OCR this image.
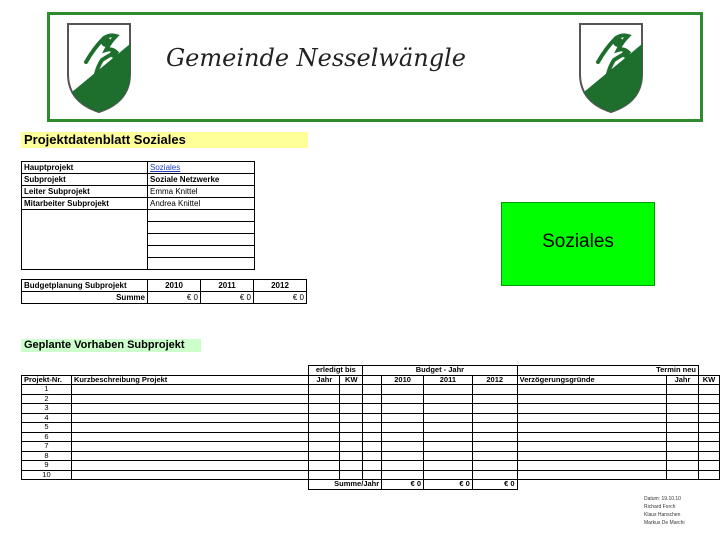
Gemeinde Nesselwängle
Projektdatenblatt Soziales
Hauptprojekt	Soziales
Subprojekt	Soziale Netzwerke
Leiter Subprojekt	Emma Knittel
Mitarbeiter Subprojekt	Andrea Knittel

Budgetplanung Subprojekt	2010	2011	2012
Summe	€ 0	€ 0	€ 0
Soziales
Geplante Vorhaben Subprojekt
		erledigt bis		Budget - Jahr				Termin neu		
Projekt-Nr.	Kurzbeschreibung Projekt	Jahr	KW		2010	2011	2012	Verzögerungsgründe	Jahr	KW
1										
2										
3										
4										
5										
6										
7										
8										
9										
10										
		Summe/Jahr			€ 0	€ 0	€ 0			
Datum: 19.10.10
Richard Forch
Klaus Hanschen
Markus De Marchi
